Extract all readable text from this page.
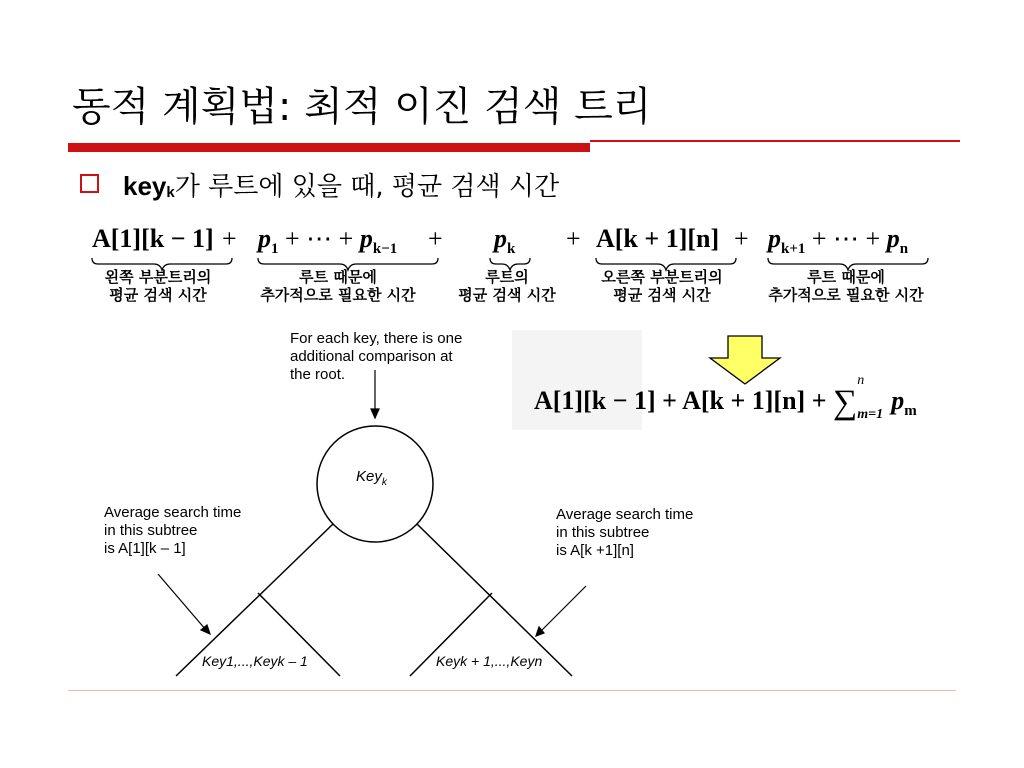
동적 계획법: 최적 이진 검색 트리
key$_k$가 루트에 있을 때, 평균 검색 시간
$A[1][k - 1] + p_1$ + ⋯ + $p_{k-1} + p_k + A[k + 1][n] + p_{k+1}$ + ⋯ + $p_n$
왼쪽 부분트리의
평균 검색 시간
루트 때문에
추가적으로 필요한 시간
루트의
평균 검색 시간
오른쪽 부분트리의
평균 검색 시간
루트 때문에
추가적으로 필요한 시간
For each key, there is one
additional comparison at
the root.
Key$_k$
Average search time
in this subtree
is A[1][k – 1]
Average search time
in this subtree
is A[k +1][n]
Key1,...,Keyk – 1	Keyk + 1,...,Keyn
A[1][k − 1] + A[k + 1][n] + ∑
n
m=1 $p_m$
